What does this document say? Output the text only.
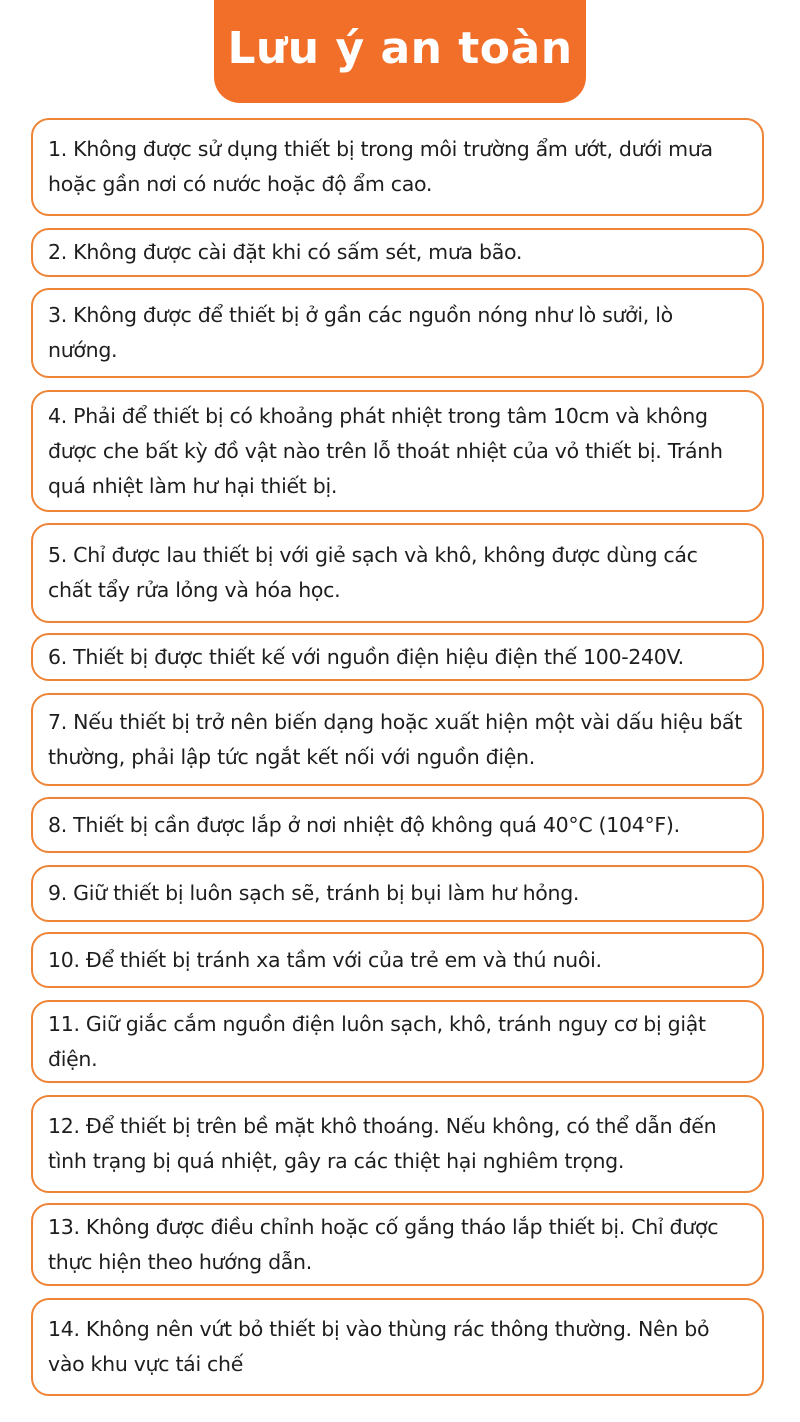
Lưu ý an toàn
1. Không được sử dụng thiết bị trong môi trường ẩm ướt, dưới mưa hoặc gần nơi có nước hoặc độ ẩm cao.
2. Không được cài đặt khi có sấm sét, mưa bão.
3. Không được để thiết bị ở gần các nguồn nóng như lò sưởi, lò nướng.
4. Phải để thiết bị có khoảng phát nhiệt trong tâm 10cm và không được che bất kỳ đồ vật nào trên lỗ thoát nhiệt của vỏ thiết bị. Tránh quá nhiệt làm hư hại thiết bị.
5. Chỉ được lau thiết bị với giẻ sạch và khô, không được dùng các chất tẩy rửa lỏng và hóa học.
6. Thiết bị được thiết kế với nguồn điện hiệu điện thế 100-240V.
7. Nếu thiết bị trở nên biến dạng hoặc xuất hiện một vài dấu hiệu bất thường, phải lập tức ngắt kết nối với nguồn điện.
8. Thiết bị cần được lắp ở nơi nhiệt độ không quá 40°C (104°F).
9. Giữ thiết bị luôn sạch sẽ, tránh bị bụi làm hư hỏng.
10. Để thiết bị tránh xa tầm với của trẻ em và thú nuôi.
11. Giữ giắc cắm nguồn điện luôn sạch, khô, tránh nguy cơ bị giật điện.
12. Để thiết bị trên bề mặt khô thoáng. Nếu không, có thể dẫn đến tình trạng bị quá nhiệt, gây ra các thiệt hại nghiêm trọng.
13. Không được điều chỉnh hoặc cố gắng tháo lắp thiết bị. Chỉ được thực hiện theo hướng dẫn.
14. Không nên vứt bỏ thiết bị vào thùng rác thông thường. Nên bỏ vào khu vực tái chế
